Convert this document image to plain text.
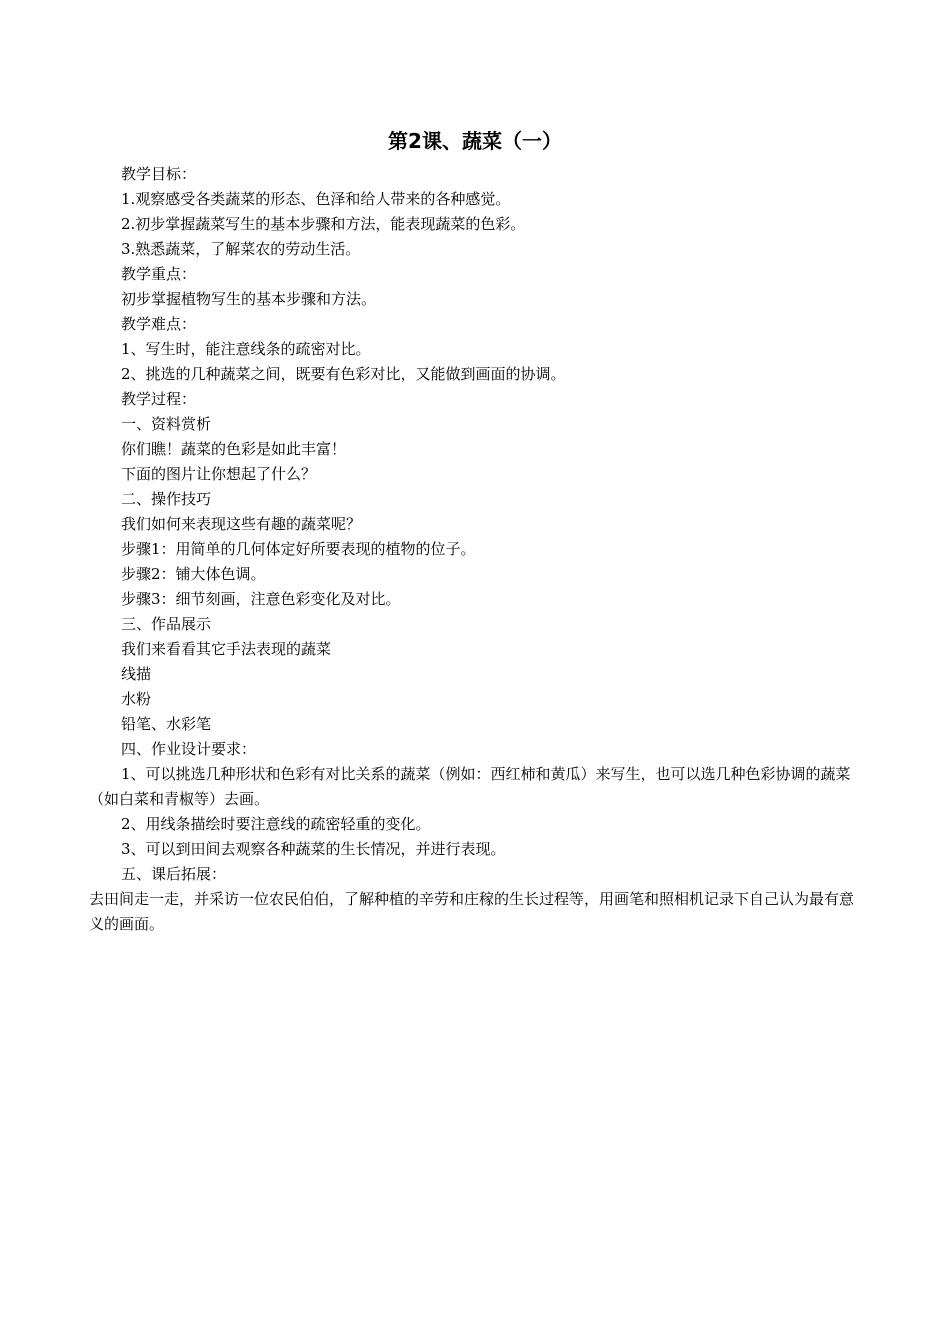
第2课、蔬菜（一）

教学目标：

1.观察感受各类蔬菜的形态、色泽和给人带来的各种感觉。

2.初步掌握蔬菜写生的基本步骤和方法，能表现蔬菜的色彩。

3.熟悉蔬菜，了解菜农的劳动生活。

教学重点：

初步掌握植物写生的基本步骤和方法。

教学难点：

1、写生时，能注意线条的疏密对比。

2、挑选的几种蔬菜之间，既要有色彩对比，又能做到画面的协调。

教学过程：

一、资料赏析

你们瞧！蔬菜的色彩是如此丰富！

下面的图片让你想起了什么？

二、操作技巧

我们如何来表现这些有趣的蔬菜呢？

步骤1：用简单的几何体定好所要表现的植物的位子。

步骤2：铺大体色调。

步骤3：细节刻画，注意色彩变化及对比。

三、作品展示

我们来看看其它手法表现的蔬菜

线描

水粉

铅笔、水彩笔

四、作业设计要求：

1、可以挑选几种形状和色彩有对比关系的蔬菜（例如：西红柿和黄瓜）来写生，也可以选几种色彩协调的蔬菜（如白菜和青椒等）去画。

2、用线条描绘时要注意线的疏密轻重的变化。

3、可以到田间去观察各种蔬菜的生长情况，并进行表现。

五、课后拓展：

去田间走一走，并采访一位农民伯伯，了解种植的辛劳和庄稼的生长过程等，用画笔和照相机记录下自己认为最有意义的画面。
